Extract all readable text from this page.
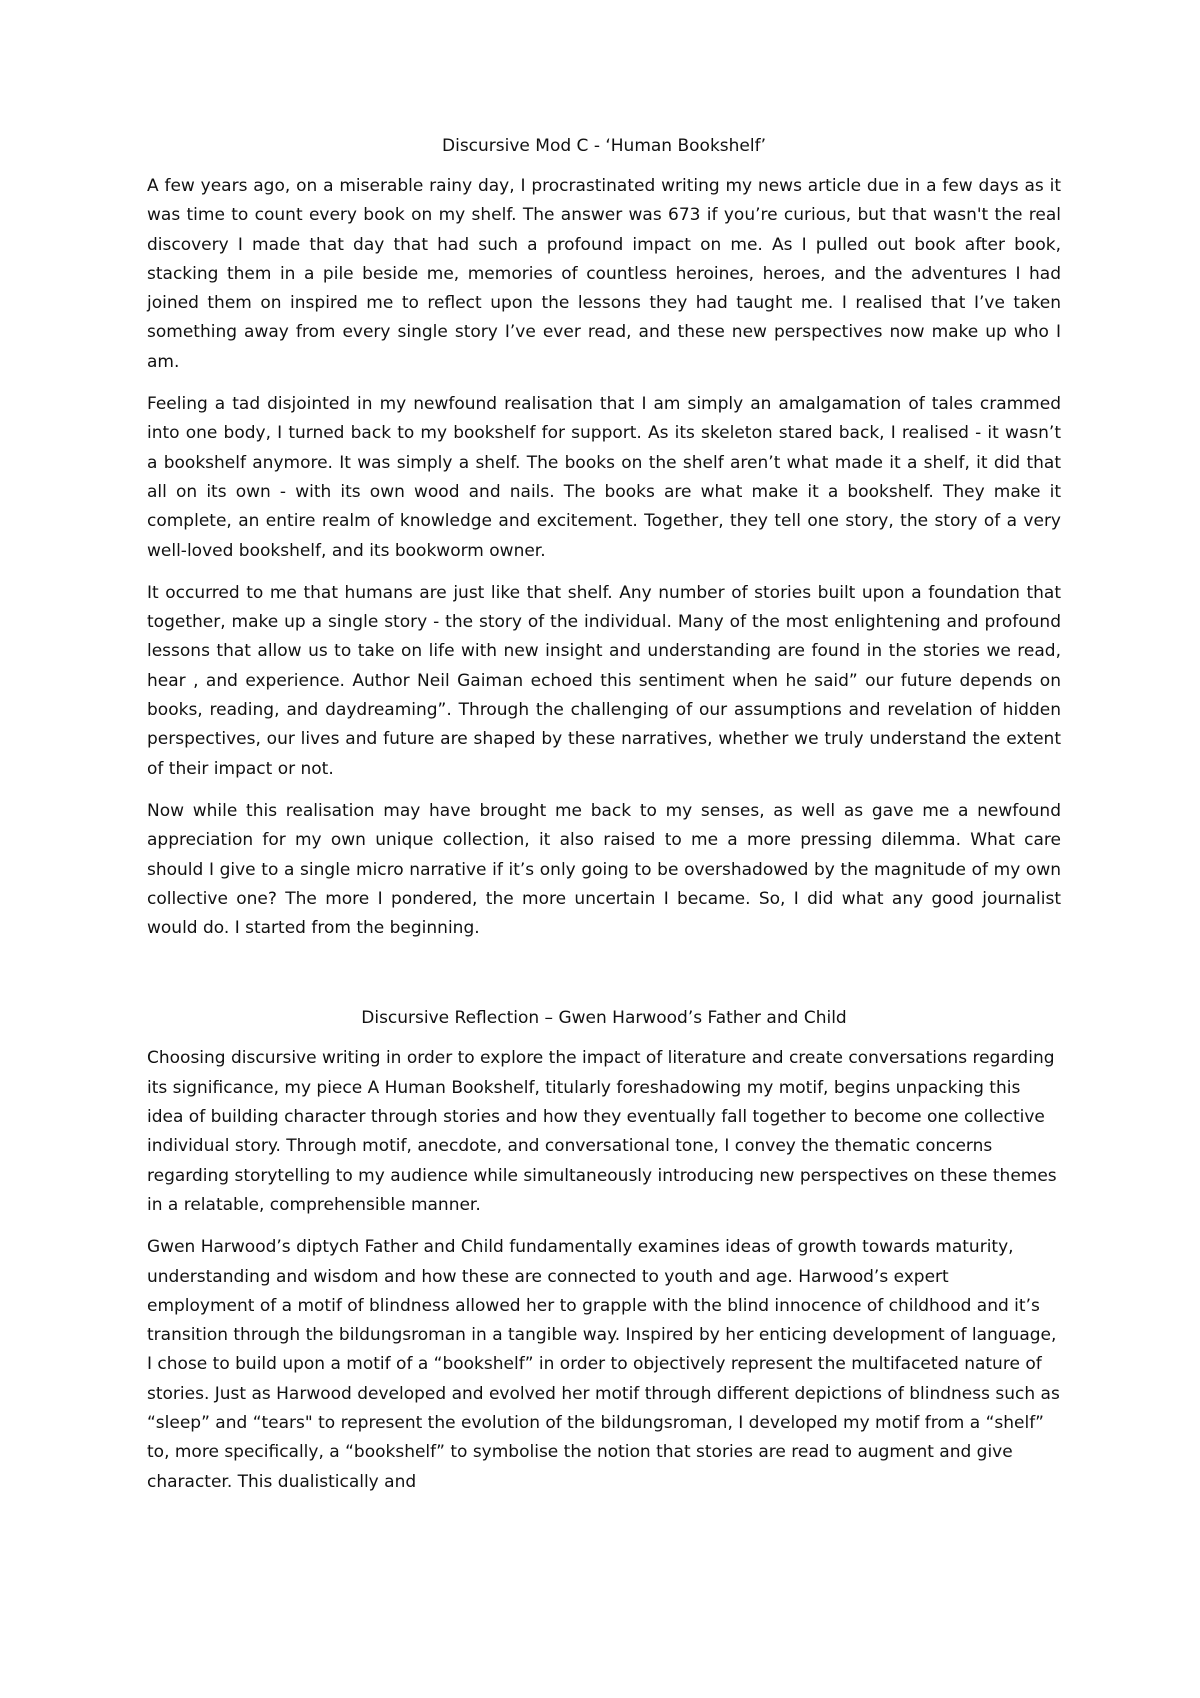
Discursive Mod C - ‘Human Bookshelf’

A few years ago, on a miserable rainy day, I procrastinated writing my news article due in a few days as it was time to count every book on my shelf. The answer was 673 if you’re curious, but that wasn't the real discovery I made that day that had such a profound impact on me. As I pulled out book after book, stacking them in a pile beside me, memories of countless heroines, heroes, and the adventures I had joined them on inspired me to reflect upon the lessons they had taught me. I realised that I’ve taken something away from every single story I’ve ever read, and these new perspectives now make up who I am.

Feeling a tad disjointed in my newfound realisation that I am simply an amalgamation of tales crammed into one body, I turned back to my bookshelf for support. As its skeleton stared back, I realised - it wasn’t a bookshelf anymore. It was simply a shelf. The books on the shelf aren’t what made it a shelf, it did that all on its own - with its own wood and nails. The books are what make it a bookshelf. They make it complete, an entire realm of knowledge and excitement. Together, they tell one story, the story of a very well-loved bookshelf, and its bookworm owner.

It occurred to me that humans are just like that shelf. Any number of stories built upon a foundation that together, make up a single story - the story of the individual. Many of the most enlightening and profound lessons that allow us to take on life with new insight and understanding are found in the stories we read, hear , and experience. Author Neil Gaiman echoed this sentiment when he said” our future depends on books, reading, and daydreaming”. Through the challenging of our assumptions and revelation of hidden perspectives, our lives and future are shaped by these narratives, whether we truly understand the extent of their impact or not.

Now while this realisation may have brought me back to my senses, as well as gave me a newfound appreciation for my own unique collection, it also raised to me a more pressing dilemma. What care should I give to a single micro narrative if it’s only going to be overshadowed by the magnitude of my own collective one? The more I pondered, the more uncertain I became. So, I did what any good journalist would do. I started from the beginning.

Discursive Reflection – Gwen Harwood’s Father and Child

Choosing discursive writing in order to explore the impact of literature and create conversations regarding its significance, my piece A Human Bookshelf, titularly foreshadowing my motif, begins unpacking this idea of building character through stories and how they eventually fall together to become one collective individual story. Through motif, anecdote, and conversational tone, I convey the thematic concerns regarding storytelling to my audience while simultaneously introducing new perspectives on these themes in a relatable, comprehensible manner.

Gwen Harwood’s diptych Father and Child fundamentally examines ideas of growth towards maturity, understanding and wisdom and how these are connected to youth and age. Harwood’s expert employment of a motif of blindness allowed her to grapple with the blind innocence of childhood and it’s transition through the bildungsroman in a tangible way. Inspired by her enticing development of language, I chose to build upon a motif of a “bookshelf” in order to objectively represent the multifaceted nature of stories. Just as Harwood developed and evolved her motif through different depictions of blindness such as “sleep” and “tears" to represent the evolution of the bildungsroman, I developed my motif from a “shelf” to, more specifically, a “bookshelf” to symbolise the notion that stories are read to augment and give character. This dualistically and
